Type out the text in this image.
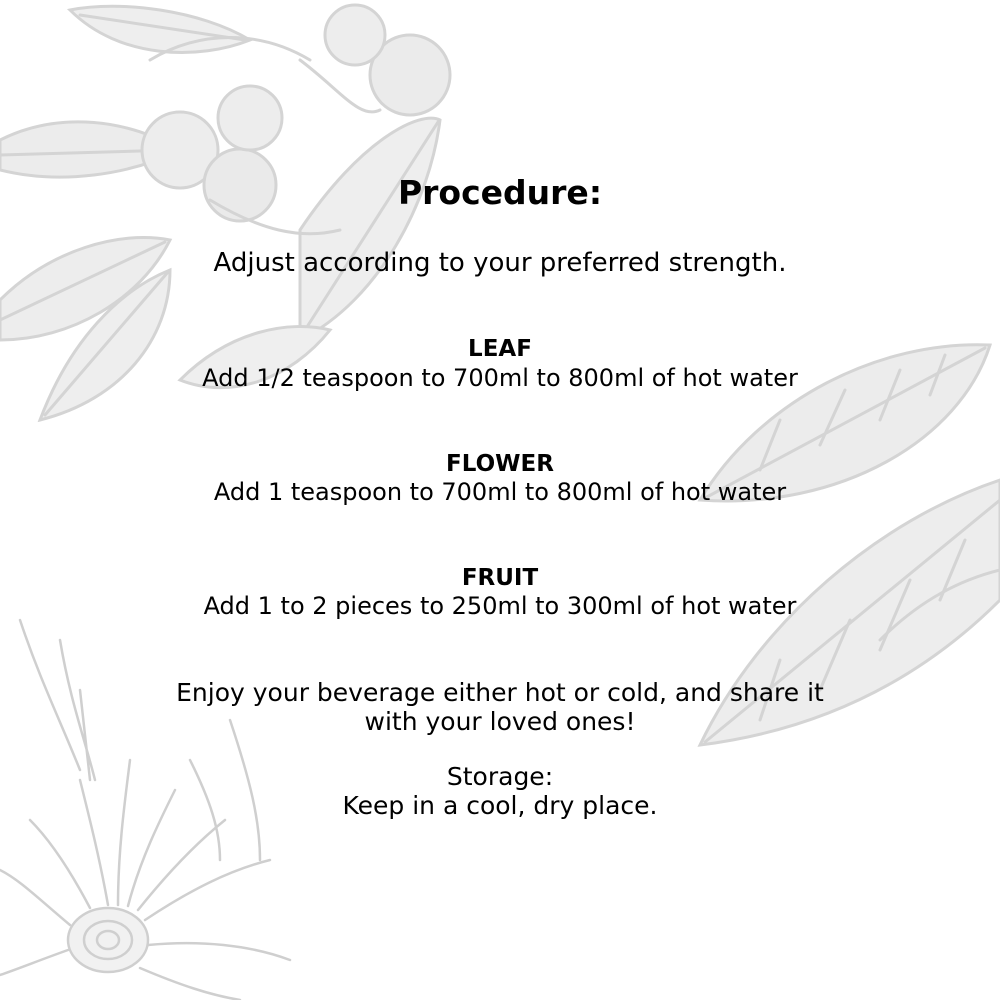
Procedure:

Adjust according to your preferred strength.

LEAF

Add 1/2 teaspoon to 700ml to 800ml of hot water

FLOWER

Add 1 teaspoon to 700ml to 800ml of hot water

FRUIT

Add 1 to 2 pieces to 250ml to 300ml of hot water

Enjoy your beverage either hot or cold, and share it
with your loved ones!

Storage:
Keep in a cool, dry place.
